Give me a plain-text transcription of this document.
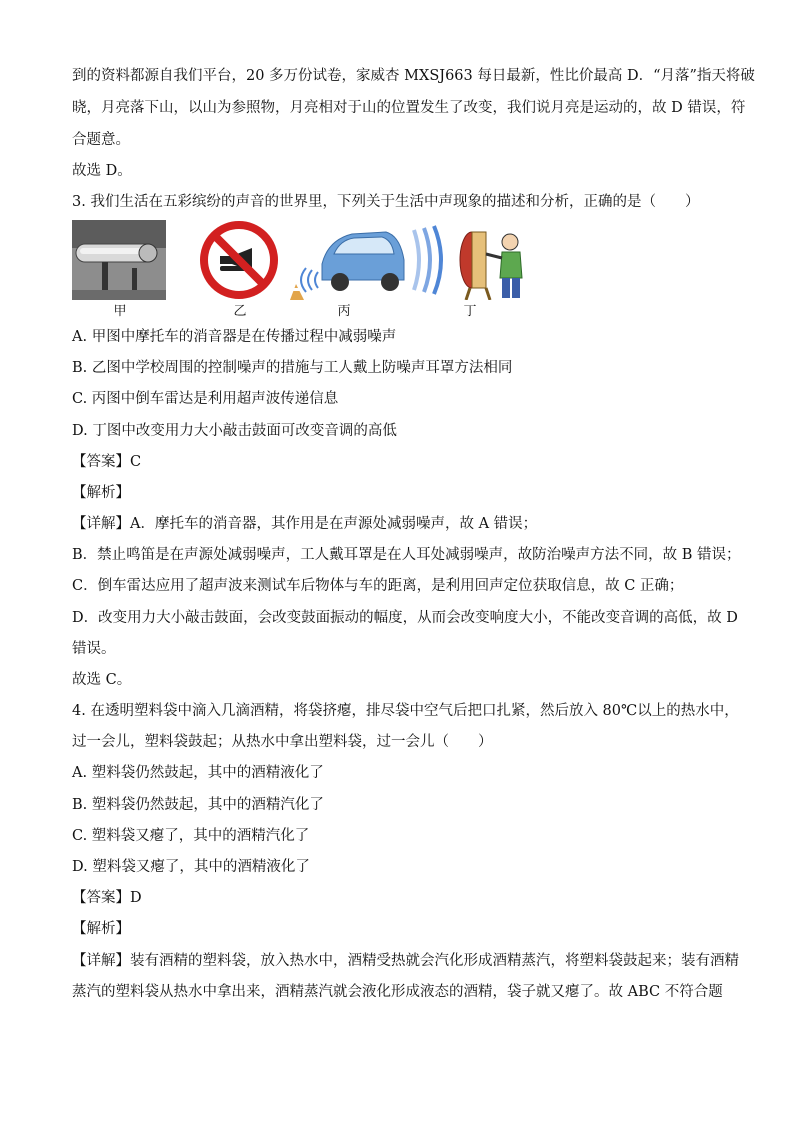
到的资料都源自我们平台，20 多万份试卷，家威杏 MXSJ663 每日最新，性比价最高 D．“月落”指天将破
晓，月亮落下山，以山为参照物，月亮相对于山的位置发生了改变，我们说月亮是运动的，故 D 错误，符
合题意。
故选 D。
3. 我们生活在五彩缤纷的声音的世界里，下列关于生活中声现象的描述和分析，正确的是（　　）
甲	乙	丙	丁
A. 甲图中摩托车的消音器是在传播过程中减弱噪声
B. 乙图中学校周围的控制噪声的措施与工人戴上防噪声耳罩方法相同
C. 丙图中倒车雷达是利用超声波传递信息
D. 丁图中改变用力大小敲击鼓面可改变音调的高低
【答案】C
【解析】
【详解】A．摩托车的消音器，其作用是在声源处减弱噪声，故 A 错误；
B．禁止鸣笛是在声源处减弱噪声，工人戴耳罩是在人耳处减弱噪声，故防治噪声方法不同，故 B 错误；
C．倒车雷达应用了超声波来测试车后物体与车的距离，是利用回声定位获取信息，故 C 正确；
D．改变用力大小敲击鼓面，会改变鼓面振动的幅度，从而会改变响度大小，不能改变音调的高低，故 D
错误。
故选 C。
4. 在透明塑料袋中滴入几滴酒精，将袋挤瘪，排尽袋中空气后把口扎紧，然后放入 80℃以上的热水中，
过一会儿，塑料袋鼓起；从热水中拿出塑料袋，过一会儿（　　）
A. 塑料袋仍然鼓起，其中的酒精液化了
B. 塑料袋仍然鼓起，其中的酒精汽化了
C. 塑料袋又瘪了，其中的酒精汽化了
D. 塑料袋又瘪了，其中的酒精液化了
【答案】D
【解析】
【详解】装有酒精的塑料袋，放入热水中，酒精受热就会汽化形成酒精蒸汽，将塑料袋鼓起来；装有酒精
蒸汽的塑料袋从热水中拿出来，酒精蒸汽就会液化形成液态的酒精，袋子就又瘪了。故 ABC 不符合题
